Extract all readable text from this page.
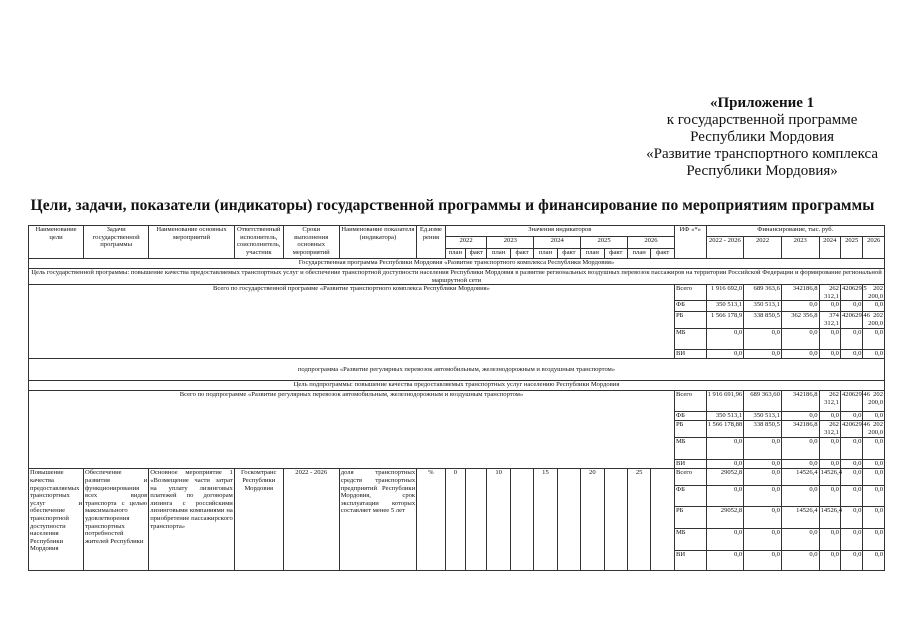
«Приложение 1
к государственной программе
Республики Мордовия
«Развитие транспортного комплекса
Республики Мордовия»
Цели, задачи, показатели (индикаторы) государственной программы и финансирование по мероприятиям программы
Наименование цели	Задачи государственной программы	Наименование основных мероприятий	Ответственный исполнитель, соисполнитель, участник	Сроки выполнения основных мероприятий	Наименование показателя (индикатора)	Ед.изме рения	Значения индикаторов										ИФ «*»	Финансирование, тыс. руб.					
							2022		2023		2024		2025		2026			2022 - 2026	2022	2023	2024	2025	2026
							план	факт	план	факт	план	факт	план	факт	план	факт							
Государственная программа Республики Мордовия «Развитие транспортного комплекса Республики Мордовия»																							
Цель государственной программы: повышение качества предоставляемых транспортных услуг и обеспечение транспортной доступности населения Республики Мордовия в развитие региональных воздушных перевозок пассажиров на территории Российской Федерации и формирование региональной маршрутной сети																							
Всего по государственной программе «Развитие транспортного комплекса Республики Мордовия»																	Всего	1 916 692,0	689 363,6	342186,8	262 312,1	420629,5	202 200,0
																	ФБ	350 513,1	350 513,1	0,0	0,0	0,0	0,0
																	РБ	1 566 178,9	338 850,5	362 356,8	374 312,1	420629,46	202 200,0
																	МБ	0,0	0,0	0,0	0,0	0,0	0,0
																	ВИ	0,0	0,0	0,0	0,0	0,0	0,0
подпрограмма «Развитие регулярных перевозок автомобильным, железнодорожным и воздушным транспортом»																							
Цель подпрограммы: повышение качества предоставляемых транспортных услуг населению Республики Мордовия																							
Всего по подпрограмме «Развитие регулярных перевозок автомобильным, железнодорожным и воздушным транспортом»																	Всего	1 916 691,96	689 363,60	342186,8	262 312,1	420629,46	202 200,0
																	ФБ	350 513,1	350 513,1	0,0	0,0	0,0	0,0
																	РБ	1 566 178,88	338 850,5	342186,8	262 312,1	420629,46	202 200,0
																	МБ	0,0	0,0	0,0	0,0	0,0	0,0
																	ВИ	0,0	0,0	0,0	0,0	0,0	0,0
Повышение качества предоставляемых транспортных услуг и обеспечение транспортной доступности населения Республики Мордовия	Обеспечение развития и функционирования всех видов транспорта с целью максимального удовлетворения транспортных потребностей жителей Республики	Основное мероприятие 1 «Возмещение части затрат на уплату лизинговых платежей по договорам лизинга с российскими лизинговыми компаниями на приобретение пассажирского транспорта»	Госкомтранс Республики Мордовия	2022 - 2026	доля транспортных средств транспортных предприятий Республики Мордовия, срок эксплуатации которых составляет менее 5 лет	%	0		10		15		20		25		Всего	29052,8	0,0	14526,4	14526,4	0,0	0,0
																	ФБ	0,0	0,0	0,0	0,0	0,0	0,0
																	РБ	29052,8	0,0	14526,4	14526,4	0,0	0,0
																	МБ	0,0	0,0	0,0	0,0	0,0	0,0
																	ВИ	0,0	0,0	0,0	0,0	0,0	0,0
